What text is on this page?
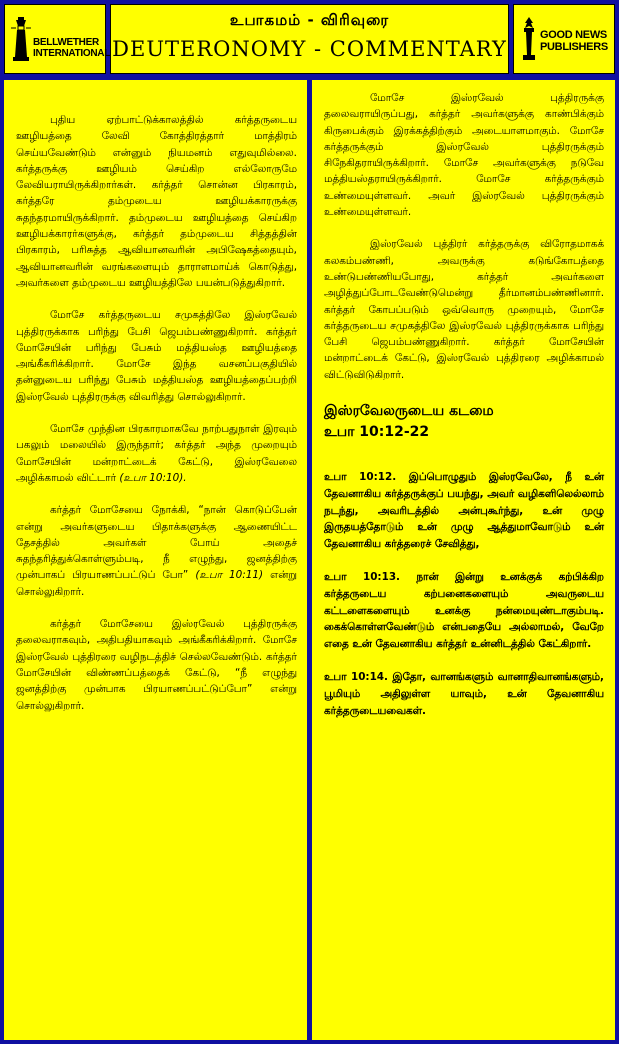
BELLWETHER INTERNATIONAL
உபாகமம் - விரிவுரை
DEUTERONOMY - COMMENTARY
GOOD NEWS PUBLISHERS

புதிய ஏற்பாட்டுக்காலத்தில் கர்த்தருடைய ஊழியத்தை லேவி கோத்திரத்தார் மாத்திரம் செய்யவேண்டும் என்னும் நியமனம் எதுவுமில்லை. கர்த்தருக்கு ஊழியம் செய்கிற எல்லோருமே லேவியராயிருக்கிறார்கள். கர்த்தர் சொன்ன பிரகாரம், கர்த்தரே தம்முடைய ஊழியக்காரருக்கு சுதந்தரமாயிருக்கிறார். தம்முடைய ஊழியத்தை செய்கிற ஊழியக்காரர்களுக்கு, கர்த்தர் தம்முடைய சித்தத்தின் பிரகாரம், பரிசுத்த ஆவியானவரின் அபிஷேகத்தையும், ஆவியானவரின் வரங்களையும் தாராளமாய்க் கொடுத்து, அவர்களை தம்முடைய ஊழியத்திலே பயன்படுத்துகிறார்.

மோசே கர்த்தருடைய சமுகத்திலே இஸ்ரவேல் புத்திரருக்காக பரிந்து பேசி ஜெபம்பண்ணுகிறார். கர்த்தர் மோசேயின் பரிந்து பேசும் மத்தியஸ்த ஊழியத்தை அங்கீகரிக்கிறார். மோசே இந்த வசனப்பகுதியில் தன்னுடைய பரிந்து பேசும் மத்தியஸ்த ஊழியத்தைப்பற்றி இஸ்ரவேல் புத்திரருக்கு விவரித்து சொல்லுகிறார்.

மோசே முந்தின பிரகாரமாகவே நாற்பதுநாள் இரவும் பகலும் மலையில் இருந்தார்; கர்த்தர் அந்த முறையும் மோசேயின் மன்றாட்டைக் கேட்டு, இஸ்ரவேலை அழிக்காமல் விட்டார் (உபா 10:10).

கர்த்தர் மோசேயை நோக்கி, “நான் கொடுப்பேன் என்று அவர்களுடைய பிதாக்களுக்கு ஆணையிட்ட தேசத்தில் அவர்கள் போய் அதைச் சுதந்தரித்துக்கொள்ளும்படி, நீ எழுந்து, ஜனத்திற்கு முன்பாகப் பிரயாணப்பட்டுப் போ” (உபா 10:11) என்று சொல்லுகிறார்.

கர்த்தர் மோசேயை இஸ்ரவேல் புத்திரருக்கு தலைவராகவும், அதிபதியாகவும் அங்கீகரிக்கிறார். மோசே இஸ்ரவேல் புத்திரரை வழிநடத்திச் செல்லவேண்டும். கர்த்தர் மோசேயின் விண்ணப்பத்தைக் கேட்டு, “நீ எழுந்து ஜனத்திற்கு முன்பாக பிரயாணப்பட்டுப்போ” என்று சொல்லுகிறார்.

மோசே இஸ்ரவேல் புத்திரருக்கு தலைவராயிருப்பது, கர்த்தர் அவர்களுக்கு காண்பிக்கும் கிருபைக்கும் இரக்கத்திற்கும் அடையாளமாகும். மோசே கர்த்தருக்கும் இஸ்ரவேல் புத்திரருக்கும் சிநேகிதராயிருக்கிறார். மோசே அவர்களுக்கு நடுவே மத்தியஸ்தராயிருக்கிறார். மோசே கர்த்தருக்கும் உண்மையுள்ளவர். அவர் இஸ்ரவேல் புத்திரருக்கும் உண்மையுள்ளவர்.

இஸ்ரவேல் புத்திரர் கர்த்தருக்கு விரோதமாகக் கலகம்பண்ணி, அவருக்கு கடுங்கோபத்தை உண்டுபண்ணியபோது, கர்த்தர் அவர்களை அழித்துப்போடவேண்டுமென்று தீர்மானம்பண்ணினார். கர்த்தர் கோபப்படும் ஒவ்வொரு முறையும், மோசே கர்த்தருடைய சமுகத்திலே இஸ்ரவேல் புத்திரருக்காக பரிந்து பேசி ஜெபம்பண்ணுகிறார். கர்த்தர் மோசேயின் மன்றாட்டைக் கேட்டு, இஸ்ரவேல் புத்திரரை அழிக்காமல் விட்டுவிடுகிறார்.

இஸ்ரவேலருடைய கடமை
உபா 10:12-22

உபா 10:12. இப்பொழுதும் இஸ்ரவேலே, நீ உன் தேவனாகிய கர்த்தருக்குப் பயந்து, அவர் வழிகளிலெல்லாம் நடந்து, அவரிடத்தில் அன்புகூர்ந்து, உன் முழு இருதயத்தோடும் உன் முழு ஆத்துமாவோடும் உன் தேவனாகிய கர்த்தரைச் சேவித்து,

உபா 10:13. நான் இன்று உனக்குக் கற்பிக்கிற கர்த்தருடைய கற்பனைகளையும் அவருடைய கட்டளைகளையும் உனக்கு நன்மையுண்டாகும்படி. கைக்கொள்ளவேண்டும் என்பதையே அல்லாமல், வேறே எதை உன் தேவனாகிய கர்த்தர் உன்னிடத்தில் கேட்கிறார்.

உபா 10:14. இதோ, வானங்களும் வானாதிவானங்களும், பூமியும் அதிலுள்ள யாவும், உன் தேவனாகிய கர்த்தருடையவைகள்.
